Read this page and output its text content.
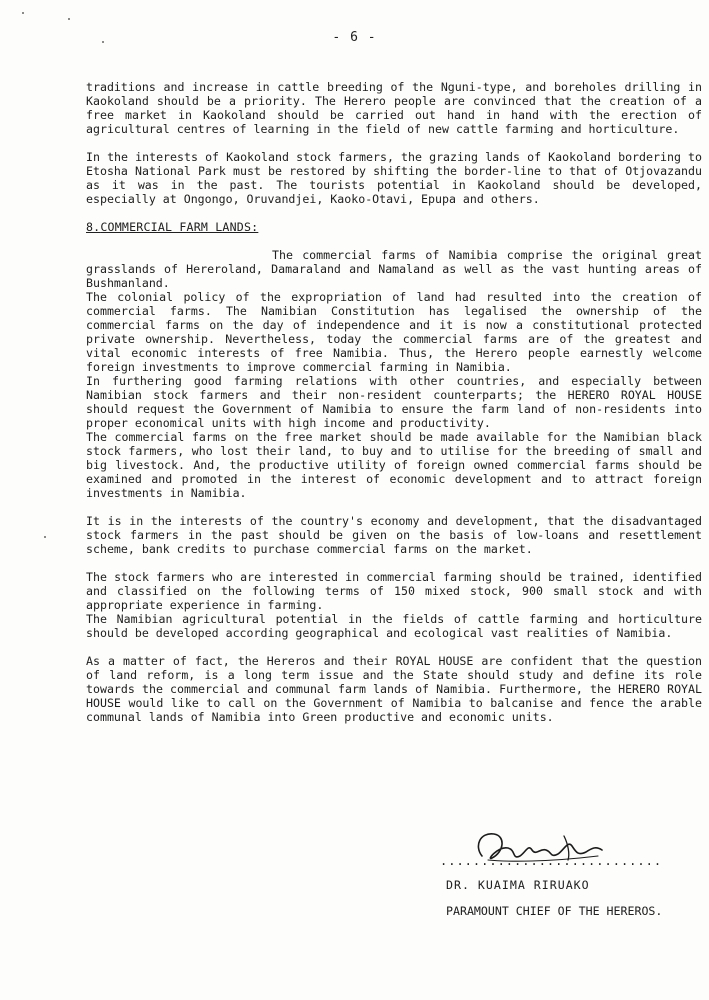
- 6 -

traditions and increase in cattle breeding of the Nguni-type, and boreholes drilling in Kaokoland should be a priority. The Herero people are convinced that the creation of a free market in Kaokoland should be carried out hand in hand with the erection of agricultural centres of learning in the field of new cattle farming and horticulture.

In the interests of Kaokoland stock farmers, the grazing lands of Kaokoland bordering to Etosha National Park must be restored by shifting the border-line to that of Otjovazandu as it was in the past. The tourists potential in Kaokoland should be developed, especially at Ongongo, Oruvandjei, Kaoko-Otavi, Epupa and others.

8.COMMERCIAL FARM LANDS:

The commercial farms of Namibia comprise the original great grasslands of Hereroland, Damaraland and Namaland as well as the vast hunting areas of Bushmanland.

The colonial policy of the expropriation of land had resulted into the creation of commercial farms. The Namibian Constitution has legalised the ownership of the commercial farms on the day of independence and it is now a constitutional protected private ownership. Nevertheless, today the commercial farms are of the greatest and vital economic interests of free Namibia. Thus, the Herero people earnestly welcome foreign investments to improve commercial farming in Namibia.

In furthering good farming relations with other countries, and especially between Namibian stock farmers and their non-resident counterparts; the HERERO ROYAL HOUSE should request the Government of Namibia to ensure the farm land of non-residents into proper economical units with high income and productivity.

The commercial farms on the free market should be made available for the Namibian black stock farmers, who lost their land, to buy and to utilise for the breeding of small and big livestock. And, the productive utility of foreign owned commercial farms should be examined and promoted in the interest of economic development and to attract foreign investments in Namibia.

It is in the interests of the country's economy and development, that the disadvantaged stock farmers in the past should be given on the basis of low-loans and resettlement scheme, bank credits to purchase commercial farms on the market.

The stock farmers who are interested in commercial farming should be trained, identified and classified on the following terms of 150 mixed stock, 900 small stock and with appropriate experience in farming.

The Namibian agricultural potential in the fields of cattle farming and horticulture should be developed according geographical and ecological vast realities of Namibia.

As a matter of fact, the Hereros and their ROYAL HOUSE are confident that the question of land reform, is a long term issue and the State should study and define its role towards the commercial and communal farm lands of Namibia. Furthermore, the HERERO ROYAL HOUSE would like to call on the Government of Namibia to balcanise and fence the arable communal lands of Namibia into Green productive and economic units.

...........................
DR. KUAIMA RIRUAKO
PARAMOUNT CHIEF OF THE HEREROS.
